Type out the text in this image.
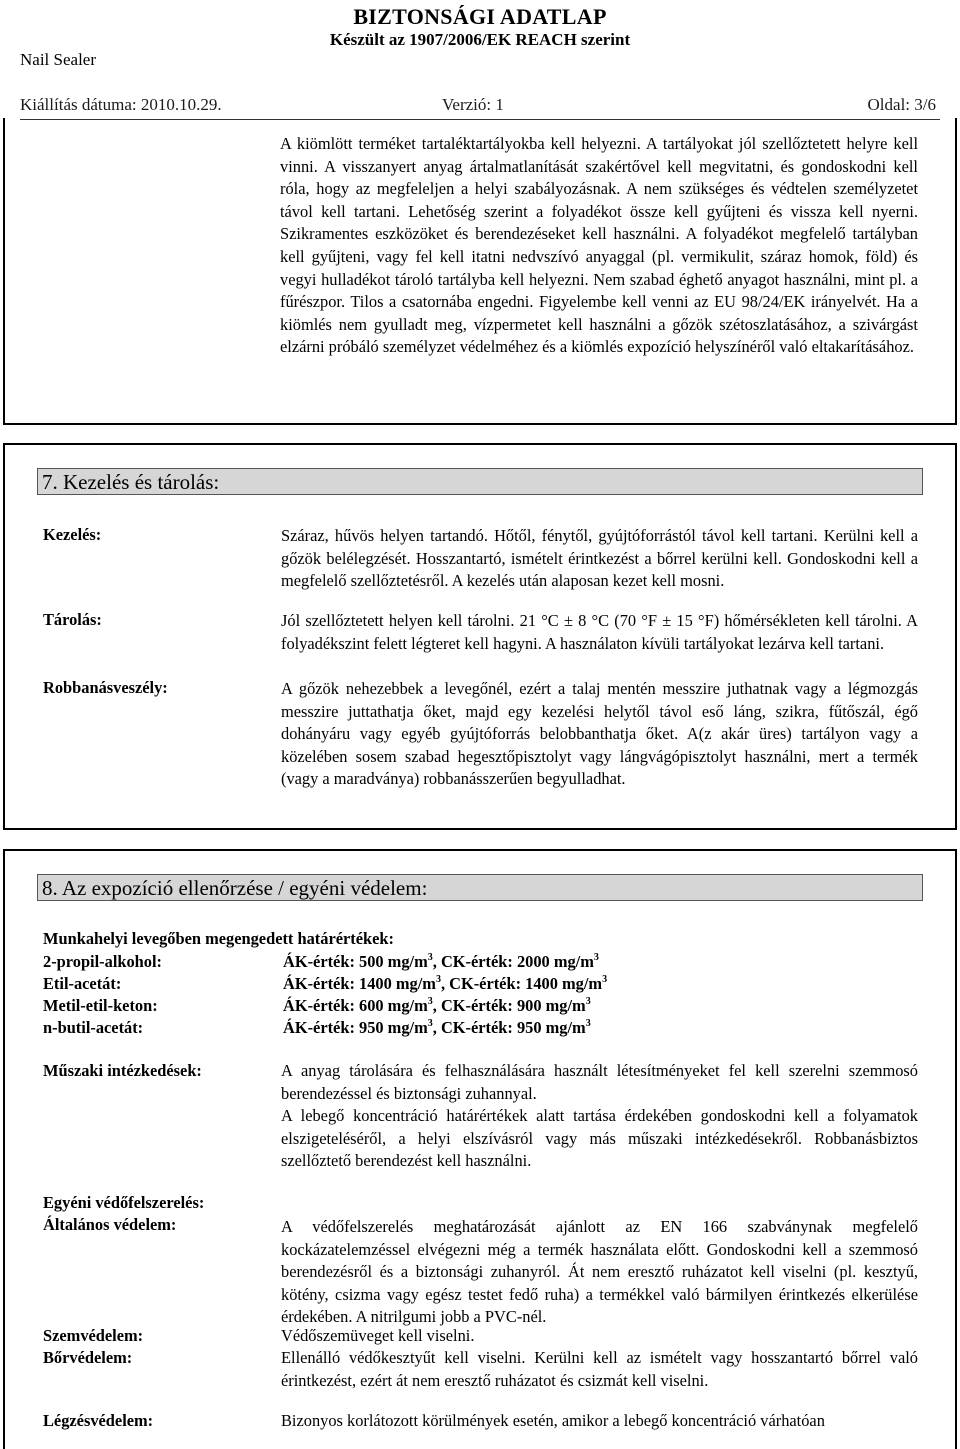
BIZTONSÁGI ADATLAP
Készült az 1907/2006/EK REACH szerint
Nail Sealer
Kiállítás dátuma: 2010.10.29.	Verzió: 1	Oldal: 3/6
A kiömlött terméket tartaléktartályokba kell helyezni. A tartályokat jól szellőztetett helyre kell vinni. A visszanyert anyag ártalmatlanítását szakértővel kell megvitatni, és gondoskodni kell róla, hogy az megfeleljen a helyi szabályozásnak. A nem szükséges és védtelen személyzetet távol kell tartani. Lehetőség szerint a folyadékot össze kell gyűjteni és vissza kell nyerni. Szikramentes eszközöket és berendezéseket kell használni. A folyadékot megfelelő tartályban kell gyűjteni, vagy fel kell itatni nedvszívó anyaggal (pl. vermikulit, száraz homok, föld) és vegyi hulladékot tároló tartályba kell helyezni. Nem szabad éghető anyagot használni, mint pl. a fűrészpor. Tilos a csatornába engedni. Figyelembe kell venni az EU 98/24/EK irányelvét. Ha a kiömlés nem gyulladt meg, vízpermetet kell használni a gőzök szétoszlatásához, a szivárgást elzárni próbáló személyzet védelméhez és a kiömlés expozíció helyszínéről való eltakarításához.
7. Kezelés és tárolás:
Kezelés:	Száraz, hűvös helyen tartandó. Hőtől, fénytől, gyújtóforrástól távol kell tartani. Kerülni kell a gőzök belélegzését. Hosszantartó, ismételt érintkezést a bőrrel kerülni kell. Gondoskodni kell a megfelelő szellőztetésről. A kezelés után alaposan kezet kell mosni.
Tárolás:	Jól szellőztetett helyen kell tárolni. 21 °C ± 8 °C (70 °F ± 15 °F) hőmérsékleten kell tárolni. A folyadékszint felett légteret kell hagyni. A használaton kívüli tartályokat lezárva kell tartani.
Robbanásveszély:	A gőzök nehezebbek a levegőnél, ezért a talaj mentén messzire juthatnak vagy a légmozgás messzire juttathatja őket, majd egy kezelési helytől távol eső láng, szikra, fűtőszál, égő dohányáru vagy egyéb gyújtóforrás belobbanthatja őket. A(z akár üres) tartályon vagy a közelében sosem szabad hegesztőpisztolyt vagy lángvágópisztolyt használni, mert a termék (vagy a maradványa) robbanásszerűen begyulladhat.
8. Az expozíció ellenőrzése / egyéni védelem:
Munkahelyi levegőben megengedett határértékek:
2-propil-alkohol:	ÁK-érték: 500 $mg/m^3$, CK-érték: 2000 $mg/m^3$
Etil-acetát:	ÁK-érték: 1400 $mg/m^3$, CK-érték: 1400 $mg/m^3$
Metil-etil-keton:	ÁK-érték: 600 $mg/m^3$, CK-érték: 900 $mg/m^3$
n-butil-acetát:	ÁK-érték: 950 $mg/m^3$, CK-érték: 950 $mg/m^3$
Műszaki intézkedések:	A anyag tárolására és felhasználására használt létesítményeket fel kell szerelni szemmosó berendezéssel és biztonsági zuhannyal.
A lebegő koncentráció határértékek alatt tartása érdekében gondoskodni kell a folyamatok elszigeteléséről, a helyi elszívásról vagy más műszaki intézkedésekről. Robbanásbiztos szellőztető berendezést kell használni.
Egyéni védőfelszerelés:
Általános védelem:	A védőfelszerelés meghatározását ajánlott az EN 166 szabványnak megfelelő kockázatelemzéssel elvégezni még a termék használata előtt. Gondoskodni kell a szemmosó berendezésről és a biztonsági zuhanyról. Át nem eresztő ruházatot kell viselni (pl. kesztyű, kötény, csizma vagy egész testet fedő ruha) a termékkel való bármilyen érintkezés elkerülése érdekében. A nitrilgumi jobb a PVC-nél.
Szemvédelem:	Védőszemüveget kell viselni.
Bőrvédelem:	Ellenálló védőkesztyűt kell viselni. Kerülni kell az ismételt vagy hosszantartó bőrrel való érintkezést, ezért át nem eresztő ruházatot és csizmát kell viselni.
Légzésvédelem:	Bizonyos korlátozott körülmények esetén, amikor a lebegő koncentráció várhatóan
